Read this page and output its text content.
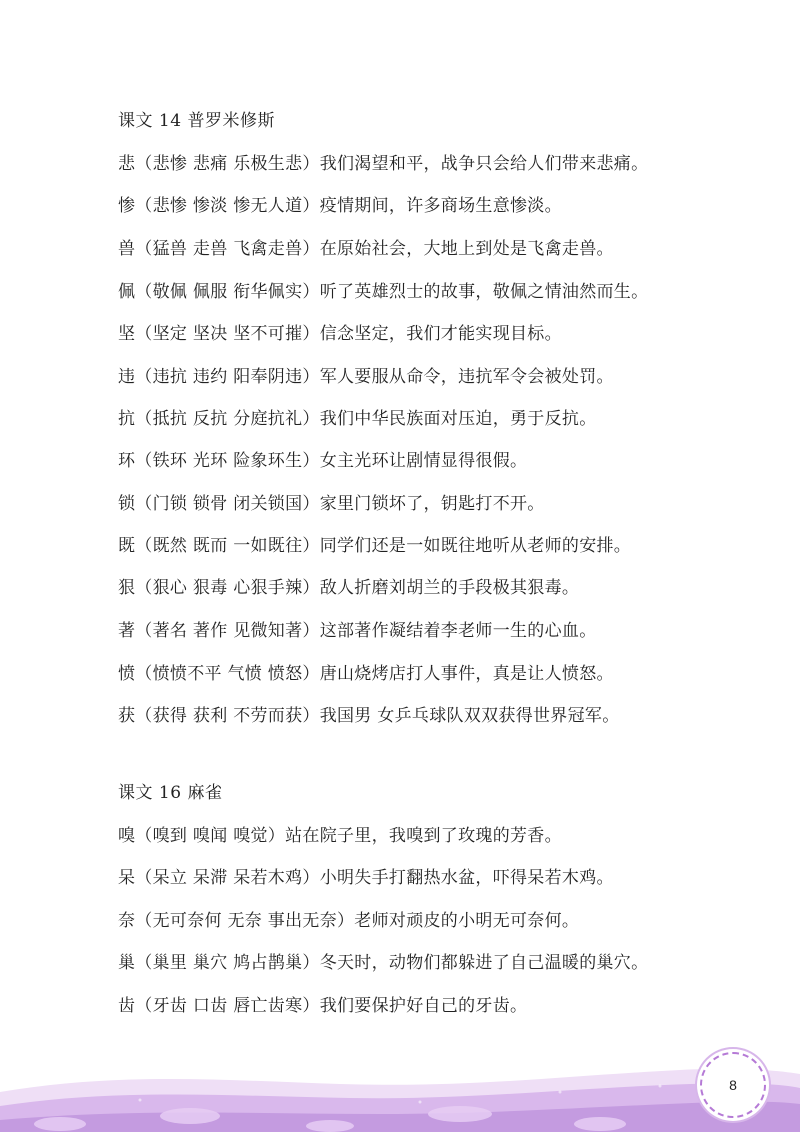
课文 14 普罗米修斯
悲（悲惨 悲痛 乐极生悲）我们渴望和平，战争只会给人们带来悲痛。
惨（悲惨 惨淡 惨无人道）疫情期间，许多商场生意惨淡。
兽（猛兽 走兽 飞禽走兽）在原始社会，大地上到处是飞禽走兽。
佩（敬佩 佩服 衔华佩实）听了英雄烈士的故事，敬佩之情油然而生。
坚（坚定 坚决 坚不可摧）信念坚定，我们才能实现目标。
违（违抗 违约 阳奉阴违）军人要服从命令，违抗军令会被处罚。
抗（抵抗 反抗 分庭抗礼）我们中华民族面对压迫，勇于反抗。
环（铁环 光环 险象环生）女主光环让剧情显得很假。
锁（门锁 锁骨 闭关锁国）家里门锁坏了，钥匙打不开。
既（既然 既而 一如既往）同学们还是一如既往地听从老师的安排。
狠（狠心 狠毒 心狠手辣）敌人折磨刘胡兰的手段极其狠毒。
著（著名 著作 见微知著）这部著作凝结着李老师一生的心血。
愤（愤愤不平 气愤 愤怒）唐山烧烤店打人事件，真是让人愤怒。
获（获得 获利 不劳而获）我国男 女乒乓球队双双获得世界冠军。
课文 16 麻雀
嗅（嗅到 嗅闻 嗅觉）站在院子里，我嗅到了玫瑰的芳香。
呆（呆立 呆滞 呆若木鸡）小明失手打翻热水盆，吓得呆若木鸡。
奈（无可奈何 无奈 事出无奈）老师对顽皮的小明无可奈何。
巢（巢里 巢穴 鸠占鹊巢）冬天时，动物们都躲进了自己温暖的巢穴。
齿（牙齿 口齿 唇亡齿寒）我们要保护好自己的牙齿。
8
